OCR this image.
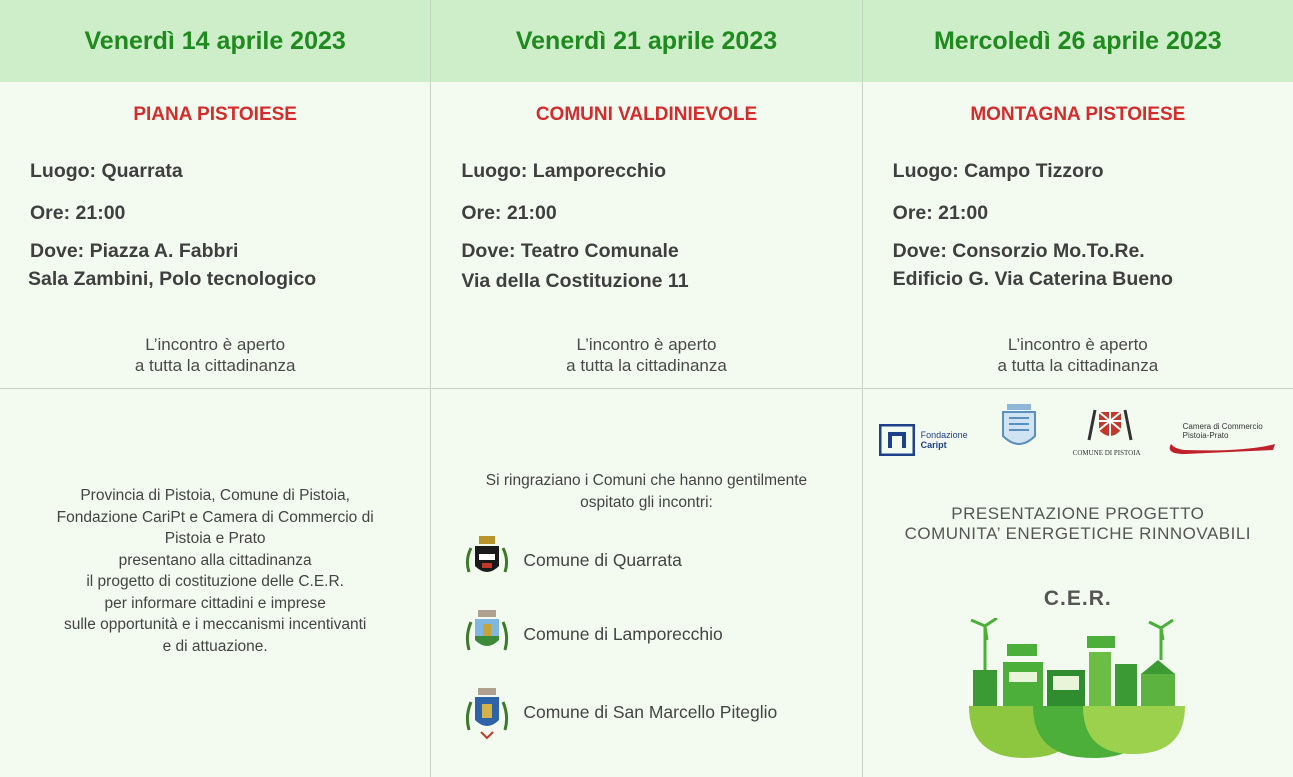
Venerdì 14 aprile 2023	Venerdì 21 aprile 2023	Mercoledì 26 aprile 2023
PIANA PISTOIESE
Luogo: Quarrata
Ore: 21:00
Dove: Piazza A. Fabbri
Sala Zambini, Polo tecnologico
L’incontro è aperto
a tutta la cittadinanza
Provincia di Pistoia, Comune di Pistoia,
Fondazione CariPt e Camera di Commercio di
Pistoia e Prato
presentano alla cittadinanza
il progetto di costituzione delle C.E.R.
per informare cittadini e imprese
sulle opportunità e i meccanismi incentivanti
e di attuazione.
COMUNI VALDINIEVOLE
Luogo: Lamporecchio
Ore: 21:00
Dove: Teatro Comunale
Via della Costituzione 11
L’incontro è aperto
a tutta la cittadinanza
Si ringraziano i Comuni che hanno gentilmente
ospitato gli incontri:
Comune di Quarrata
Comune di Lamporecchio
Comune di San Marcello Piteglio
MONTAGNA PISTOIESE
Luogo: Campo Tizzoro
Ore: 21:00
Dove: Consorzio Mo.To.Re.
Edificio G. Via Caterina Bueno
L’incontro è aperto
a tutta la cittadinanza
Fondazione
Caript
COMUNE DI PISTOIA
Camera di Commercio
Pistoia-Prato
PRESENTAZIONE PROGETTO
COMUNITA’ ENERGETICHE RINNOVABILI
C.E.R.
